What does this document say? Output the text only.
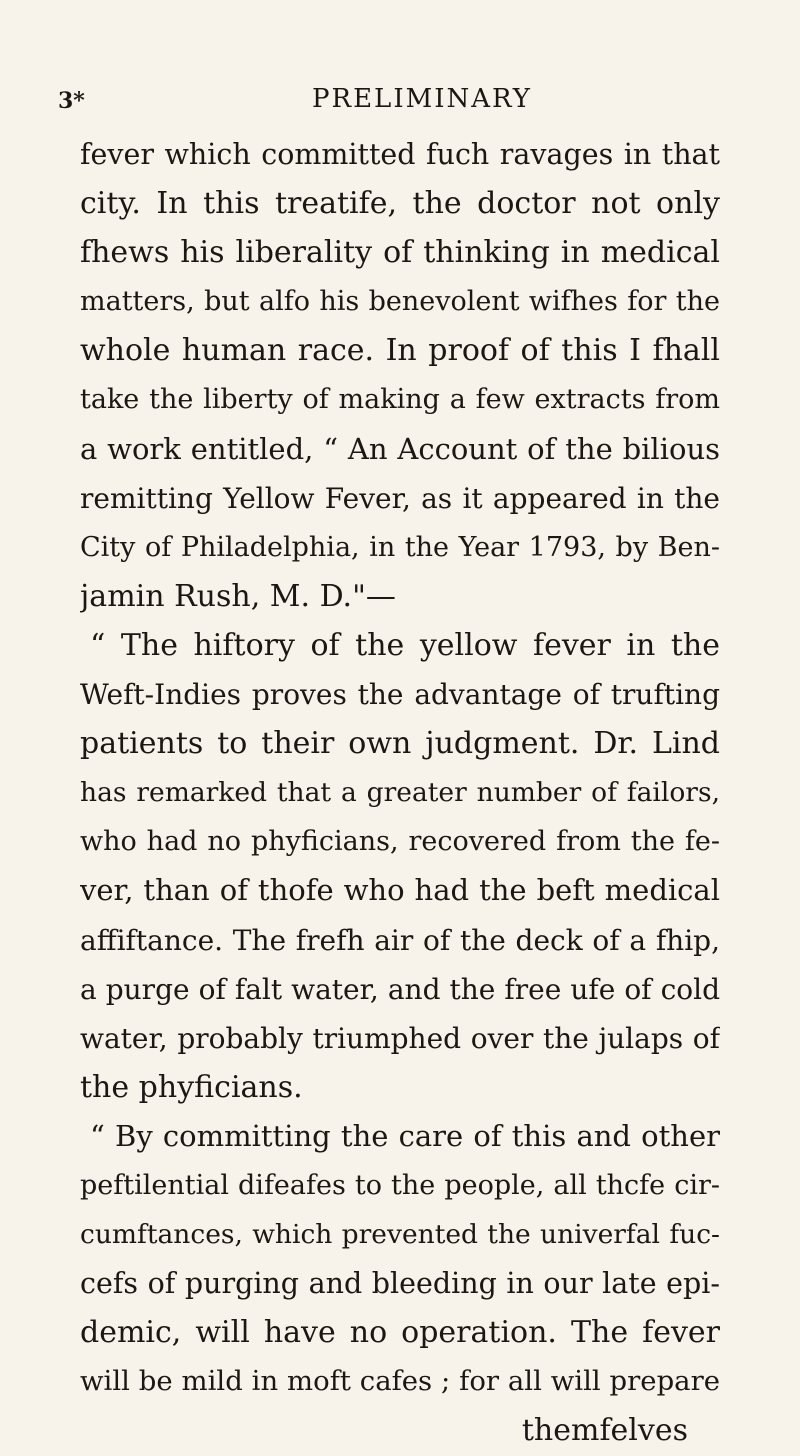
3*	PRELIMINARY
fever which committed fuch ravages in that
city. In this treatife, the doctor not only
fhews his liberality of thinking in medical
matters, but alfo his benevolent wifhes for the
whole human race. In proof of this I fhall
take the liberty of making a few extracts from
a work entitled, “ An Account of the bilious
remitting Yellow Fever, as it appeared in the
City of Philadelphia, in the Year 1793, by Ben-
jamin Rush, M. D."—
“ The hiftory of the yellow fever in the
Weft-Indies proves the advantage of trufting
patients to their own judgment. Dr. Lind
has remarked that a greater number of failors,
who had no phyficians, recovered from the fe-
ver, than of thofe who had the beft medical
affiftance. The frefh air of the deck of a fhip,
a purge of falt water, and the free ufe of cold
water, probably triumphed over the julaps of
the phyficians.
“ By committing the care of this and other
peftilential difeafes to the people, all thcfe cir-
cumftances, which prevented the univerfal fuc-
cefs of purging and bleeding in our late epi-
demic, will have no operation. The fever
will be mild in moft cafes ; for all will prepare
themfelves
